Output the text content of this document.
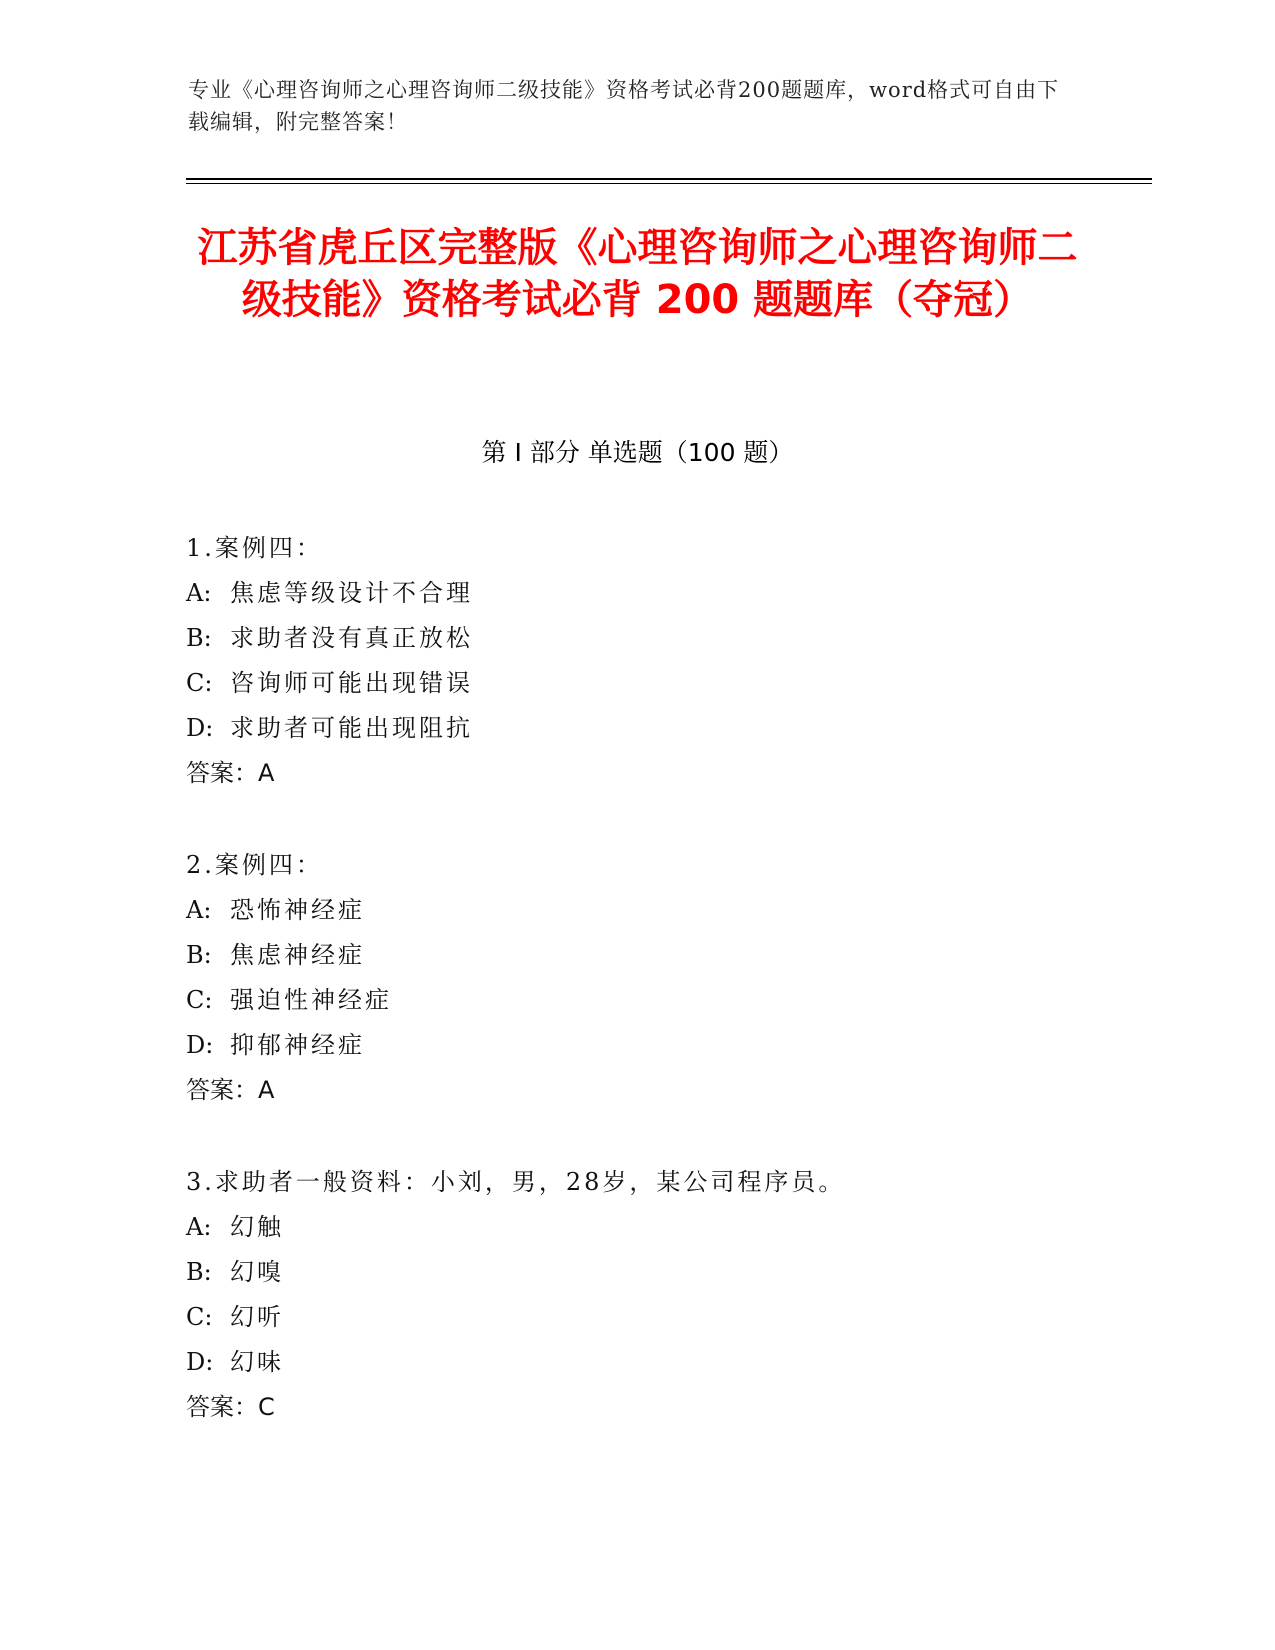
专业《心理咨询师之心理咨询师二级技能》资格考试必背200题题库，word格式可自由下载编辑，附完整答案！
江苏省虎丘区完整版《心理咨询师之心理咨询师二级技能》资格考试必背 200 题题库（夺冠）
第 I 部分 单选题（100 题）
1.案例四：
A: 焦虑等级设计不合理
B: 求助者没有真正放松
C: 咨询师可能出现错误
D: 求助者可能出现阻抗
答案：A
2.案例四：
A: 恐怖神经症
B: 焦虑神经症
C: 强迫性神经症
D: 抑郁神经症
答案：A
3.求助者一般资料：小刘，男，28岁，某公司程序员。
A: 幻触
B: 幻嗅
C: 幻听
D: 幻味
答案：C
